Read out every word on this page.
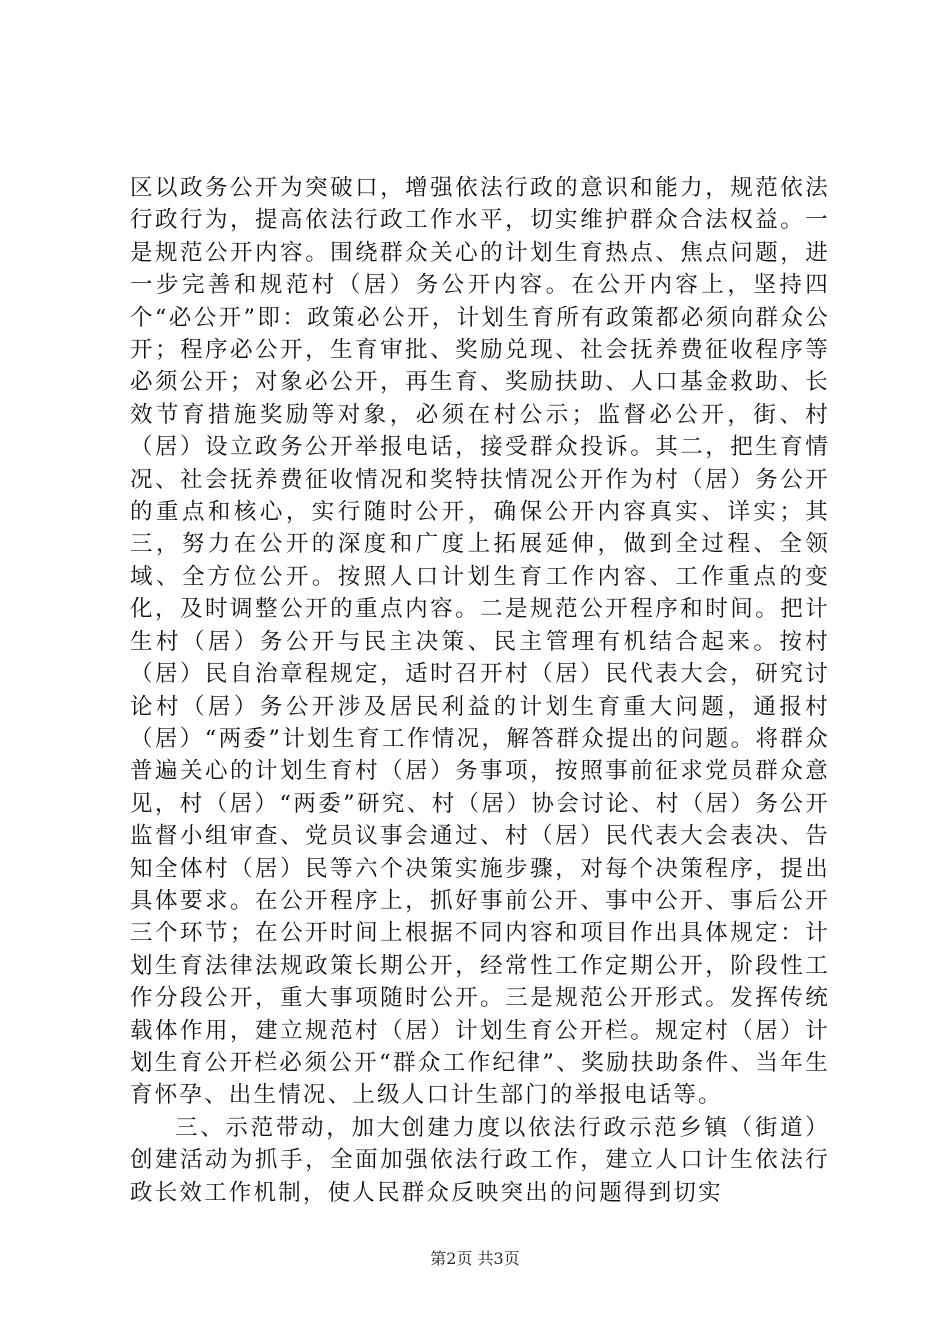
区以政务公开为突破口，增强依法行政的意识和能力，规范依法行政行为，提高依法行政工作水平，切实维护群众合法权益。一是规范公开内容。围绕群众关心的计划生育热点、焦点问题，进一步完善和规范村（居）务公开内容。在公开内容上，坚持四个“必公开”即：政策必公开，计划生育所有政策都必须向群众公开；程序必公开，生育审批、奖励兑现、社会抚养费征收程序等必须公开；对象必公开，再生育、奖励扶助、人口基金救助、长效节育措施奖励等对象，必须在村公示；监督必公开，街、村（居）设立政务公开举报电话，接受群众投诉。其二，把生育情况、社会抚养费征收情况和奖特扶情况公开作为村（居）务公开的重点和核心，实行随时公开，确保公开内容真实、详实；其三，努力在公开的深度和广度上拓展延伸，做到全过程、全领域、全方位公开。按照人口计划生育工作内容、工作重点的变化，及时调整公开的重点内容。二是规范公开程序和时间。把计生村（居）务公开与民主决策、民主管理有机结合起来。按村（居）民自治章程规定，适时召开村（居）民代表大会，研究讨论村（居）务公开涉及居民利益的计划生育重大问题，通报村（居）“两委”计划生育工作情况，解答群众提出的问题。将群众普遍关心的计划生育村（居）务事项，按照事前征求党员群众意见，村（居）“两委”研究、村（居）协会讨论、村（居）务公开监督小组审查、党员议事会通过、村（居）民代表大会表决、告知全体村（居）民等六个决策实施步骤，对每个决策程序，提出具体要求。在公开程序上，抓好事前公开、事中公开、事后公开三个环节；在公开时间上根据不同内容和项目作出具体规定：计划生育法律法规政策长期公开，经常性工作定期公开，阶段性工作分段公开，重大事项随时公开。三是规范公开形式。发挥传统载体作用，建立规范村（居）计划生育公开栏。规定村（居）计划生育公开栏必须公开“群众工作纪律”、奖励扶助条件、当年生育怀孕、出生情况、上级人口计生部门的举报电话等。

三、示范带动，加大创建力度以依法行政示范乡镇（街道）创建活动为抓手，全面加强依法行政工作，建立人口计生依法行政长效工作机制，使人民群众反映突出的问题得到切实

第2页 共3页
